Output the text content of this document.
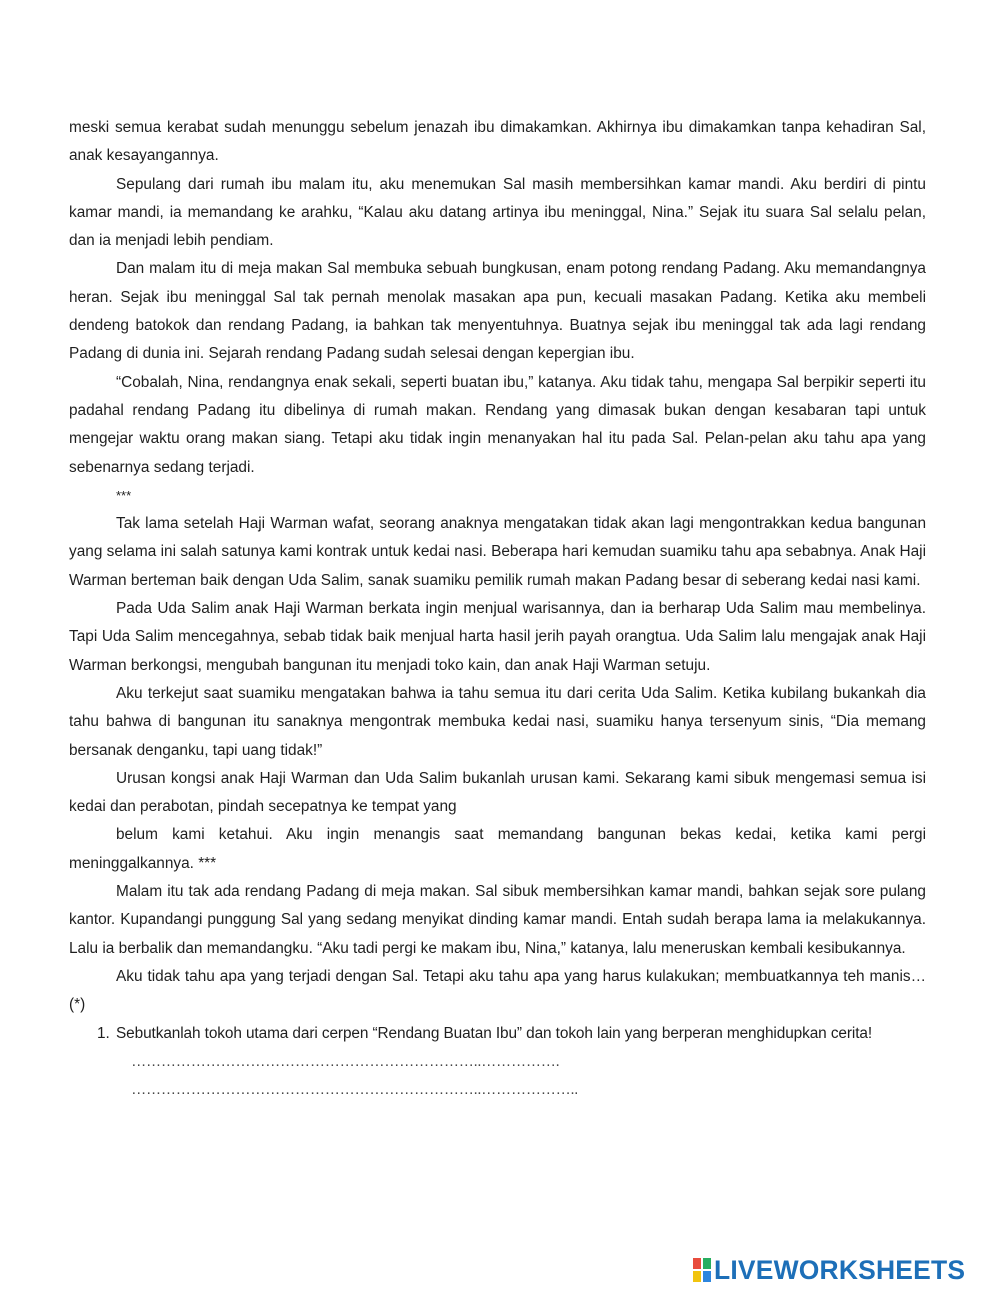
meski semua kerabat sudah menunggu sebelum jenazah ibu dimakamkan. Akhirnya ibu dimakamkan tanpa kehadiran Sal, anak kesayangannya.

Sepulang dari rumah ibu malam itu, aku menemukan Sal masih membersihkan kamar mandi. Aku berdiri di pintu kamar mandi, ia memandang ke arahku, “Kalau aku datang artinya ibu meninggal, Nina.” Sejak itu suara Sal selalu pelan, dan ia menjadi lebih pendiam.

Dan malam itu di meja makan Sal membuka sebuah bungkusan, enam potong rendang Padang. Aku memandangnya heran. Sejak ibu meninggal Sal tak pernah menolak masakan apa pun, kecuali masakan Padang. Ketika aku membeli dendeng batokok dan rendang Padang, ia bahkan tak menyentuhnya. Buatnya sejak ibu meninggal tak ada lagi rendang Padang di dunia ini. Sejarah rendang Padang sudah selesai dengan kepergian ibu.

“Cobalah, Nina, rendangnya enak sekali, seperti buatan ibu,” katanya. Aku tidak tahu, mengapa Sal berpikir seperti itu padahal rendang Padang itu dibelinya di rumah makan. Rendang yang dimasak bukan dengan kesabaran tapi untuk mengejar waktu orang makan siang. Tetapi aku tidak ingin menanyakan hal itu pada Sal. Pelan-pelan aku tahu apa yang sebenarnya sedang terjadi.

***

Tak lama setelah Haji Warman wafat, seorang anaknya mengatakan tidak akan lagi mengontrakkan kedua bangunan yang selama ini salah satunya kami kontrak untuk kedai nasi. Beberapa hari kemudan suamiku tahu apa sebabnya. Anak Haji Warman berteman baik dengan Uda Salim, sanak suamiku pemilik rumah makan Padang besar di seberang kedai nasi kami.

Pada Uda Salim anak Haji Warman berkata ingin menjual warisannya, dan ia berharap Uda Salim mau membelinya. Tapi Uda Salim mencegahnya, sebab tidak baik menjual harta hasil jerih payah orangtua. Uda Salim lalu mengajak anak Haji Warman berkongsi, mengubah bangunan itu menjadi toko kain, dan anak Haji Warman setuju.

Aku terkejut saat suamiku mengatakan bahwa ia tahu semua itu dari cerita Uda Salim. Ketika kubilang bukankah dia tahu bahwa di bangunan itu sanaknya mengontrak membuka kedai nasi, suamiku hanya tersenyum sinis, “Dia memang bersanak denganku, tapi uang tidak!”

Urusan kongsi anak Haji Warman dan Uda Salim bukanlah urusan kami. Sekarang kami sibuk mengemasi semua isi kedai dan perabotan, pindah secepatnya ke tempat yang

belum kami ketahui. Aku ingin menangis saat memandang bangunan bekas kedai, ketika kami pergi meninggalkannya. ***

Malam itu tak ada rendang Padang di meja makan. Sal sibuk membersihkan kamar mandi, bahkan sejak sore pulang kantor. Kupandangi punggung Sal yang sedang menyikat dinding kamar mandi. Entah sudah berapa lama ia melakukannya. Lalu ia berbalik dan memandangku. “Aku tadi pergi ke makam ibu, Nina,” katanya, lalu meneruskan kembali kesibukannya.

Aku tidak tahu apa yang terjadi dengan Sal. Tetapi aku tahu apa yang harus kulakukan; membuatkannya teh manis… (*)

1. Sebutkanlah tokoh utama dari cerpen “Rendang Buatan Ibu” dan tokoh lain yang berperan menghidupkan cerita!
……………………………………………………………..…………….
……………………………………………………………..………………..
LIVEWORKSHEETS
